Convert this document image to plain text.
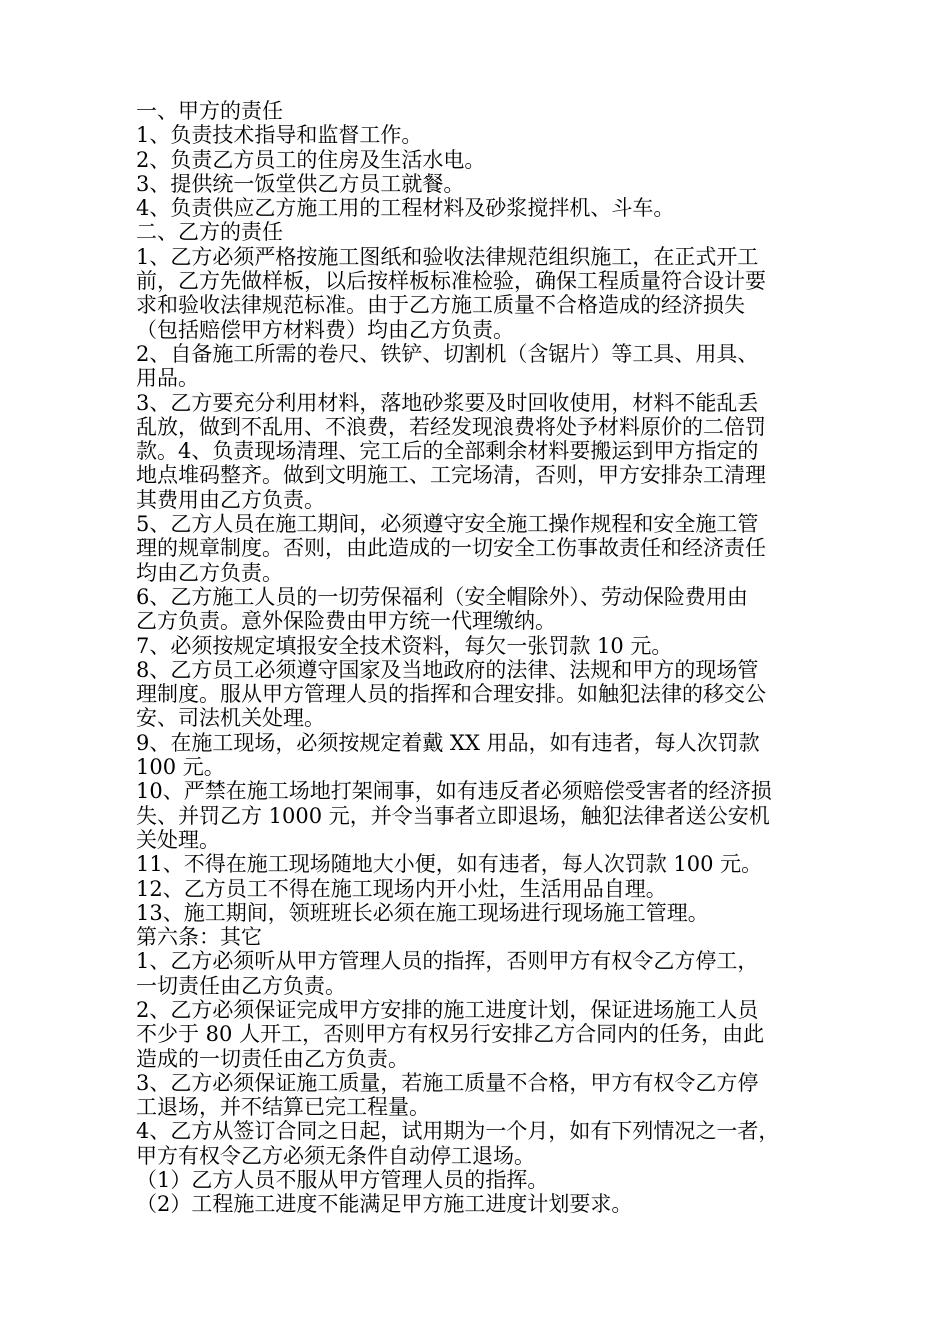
一、甲方的责任

1、负责技术指导和监督工作。

2、负责乙方员工的住房及生活水电。

3、提供统一饭堂供乙方员工就餐。

4、负责供应乙方施工用的工程材料及砂浆搅拌机、斗车。

二、乙方的责任

1、乙方必须严格按施工图纸和验收法律规范组织施工，在正式开工

前，乙方先做样板，以后按样板标准检验，确保工程质量符合设计要

求和验收法律规范标准。由于乙方施工质量不合格造成的经济损失

（包括赔偿甲方材料费）均由乙方负责。

2、自备施工所需的卷尺、铁铲、切割机（含锯片）等工具、用具、

用品。

3、乙方要充分利用材料，落地砂浆要及时回收使用，材料不能乱丢

乱放，做到不乱用、不浪费，若经发现浪费将处予材料原价的二倍罚

款。4、负责现场清理、完工后的全部剩余材料要搬运到甲方指定的

地点堆码整齐。做到文明施工、工完场清，否则，甲方安排杂工清理

其费用由乙方负责。

5、乙方人员在施工期间，必须遵守安全施工操作规程和安全施工管

理的规章制度。否则，由此造成的一切安全工伤事故责任和经济责任

均由乙方负责。

6、乙方施工人员的一切劳保福利（安全帽除外）、劳动保险费用由

乙方负责。意外保险费由甲方统一代理缴纳。

7、必须按规定填报安全技术资料，每欠一张罚款 10 元。

8、乙方员工必须遵守国家及当地政府的法律、法规和甲方的现场管

理制度。服从甲方管理人员的指挥和合理安排。如触犯法律的移交公

安、司法机关处理。

9、在施工现场，必须按规定着戴 XX 用品，如有违者，每人次罚款

100 元。

10、严禁在施工场地打架闹事，如有违反者必须赔偿受害者的经济损

失、并罚乙方 1000 元，并令当事者立即退场，触犯法律者送公安机

关处理。

11、不得在施工现场随地大小便，如有违者，每人次罚款 100 元。

12、乙方员工不得在施工现场内开小灶，生活用品自理。

13、施工期间，领班班长必须在施工现场进行现场施工管理。

第六条：其它

1、乙方必须听从甲方管理人员的指挥，否则甲方有权令乙方停工，

一切责任由乙方负责。

2、乙方必须保证完成甲方安排的施工进度计划，保证进场施工人员

不少于 80 人开工，否则甲方有权另行安排乙方合同内的任务，由此

造成的一切责任由乙方负责。

3、乙方必须保证施工质量，若施工质量不合格，甲方有权令乙方停

工退场，并不结算已完工程量。

4、乙方从签订合同之日起，试用期为一个月，如有下列情况之一者，

甲方有权令乙方必须无条件自动停工退场。

（1）乙方人员不服从甲方管理人员的指挥。

（2）工程施工进度不能满足甲方施工进度计划要求。
